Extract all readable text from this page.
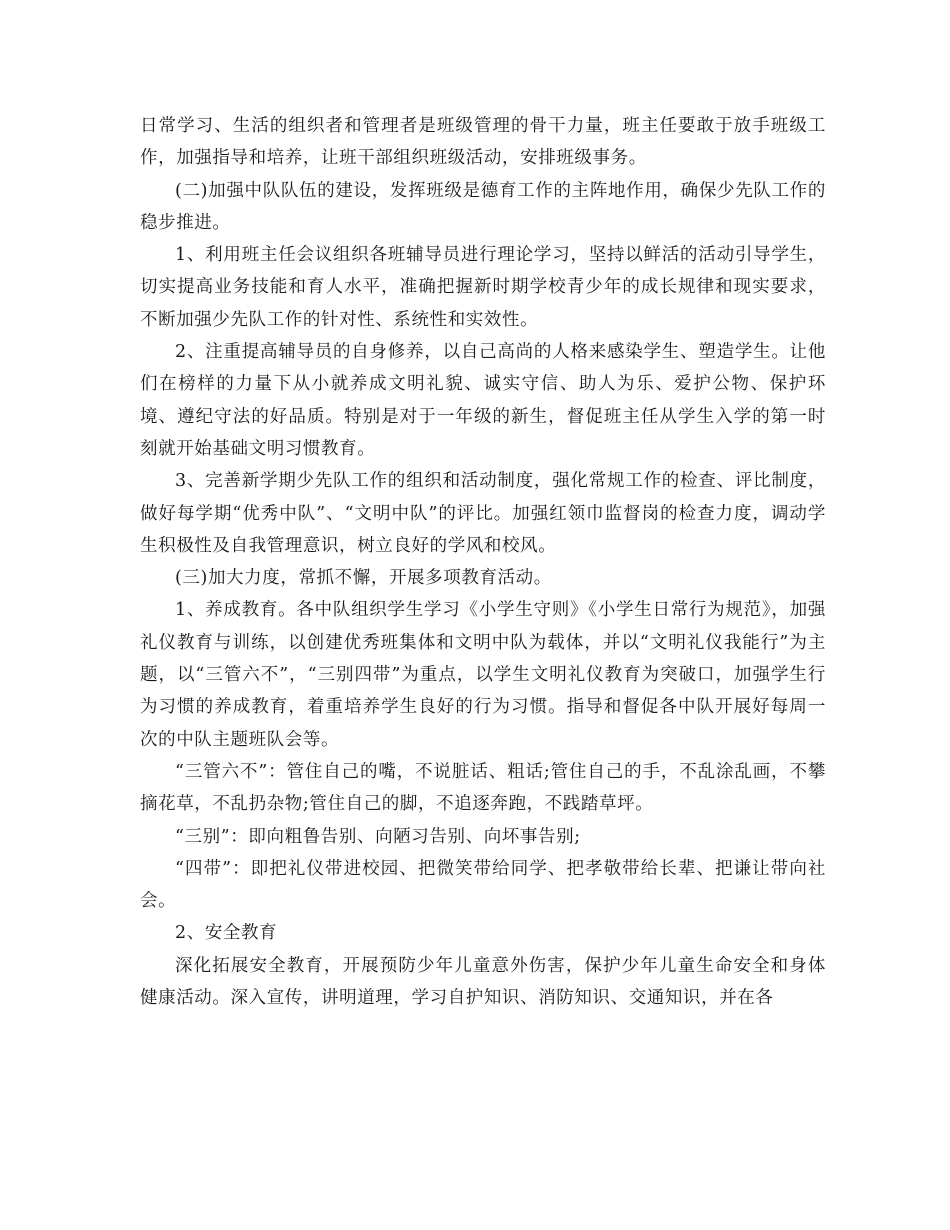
日常学习、生活的组织者和管理者是班级管理的骨干力量，班主任要敢于放手班级工作，加强指导和培养，让班干部组织班级活动，安排班级事务。

(二)加强中队队伍的建设，发挥班级是德育工作的主阵地作用，确保少先队工作的稳步推进。

1、利用班主任会议组织各班辅导员进行理论学习，坚持以鲜活的活动引导学生，切实提高业务技能和育人水平，准确把握新时期学校青少年的成长规律和现实要求，不断加强少先队工作的针对性、系统性和实效性。

2、注重提高辅导员的自身修养，以自己高尚的人格来感染学生、塑造学生。让他们在榜样的力量下从小就养成文明礼貌、诚实守信、助人为乐、爱护公物、保护环境、遵纪守法的好品质。特别是对于一年级的新生，督促班主任从学生入学的第一时刻就开始基础文明习惯教育。

3、完善新学期少先队工作的组织和活动制度，强化常规工作的检查、评比制度，做好每学期“优秀中队”、“文明中队”的评比。加强红领巾监督岗的检查力度，调动学生积极性及自我管理意识，树立良好的学风和校风。

(三)加大力度，常抓不懈，开展多项教育活动。

1、养成教育。各中队组织学生学习《小学生守则》《小学生日常行为规范》，加强礼仪教育与训练，以创建优秀班集体和文明中队为载体，并以“文明礼仪我能行”为主题，以“三管六不”，“三别四带”为重点，以学生文明礼仪教育为突破口，加强学生行为习惯的养成教育，着重培养学生良好的行为习惯。指导和督促各中队开展好每周一次的中队主题班队会等。

“三管六不”：管住自己的嘴，不说脏话、粗话;管住自己的手，不乱涂乱画，不攀摘花草，不乱扔杂物;管住自己的脚，不追逐奔跑，不践踏草坪。

“三别”：即向粗鲁告别、向陋习告别、向坏事告别;

“四带”：即把礼仪带进校园、把微笑带给同学、把孝敬带给长辈、把谦让带向社会。

2、安全教育

深化拓展安全教育，开展预防少年儿童意外伤害，保护少年儿童生命安全和身体健康活动。深入宣传，讲明道理，学习自护知识、消防知识、交通知识，并在各
